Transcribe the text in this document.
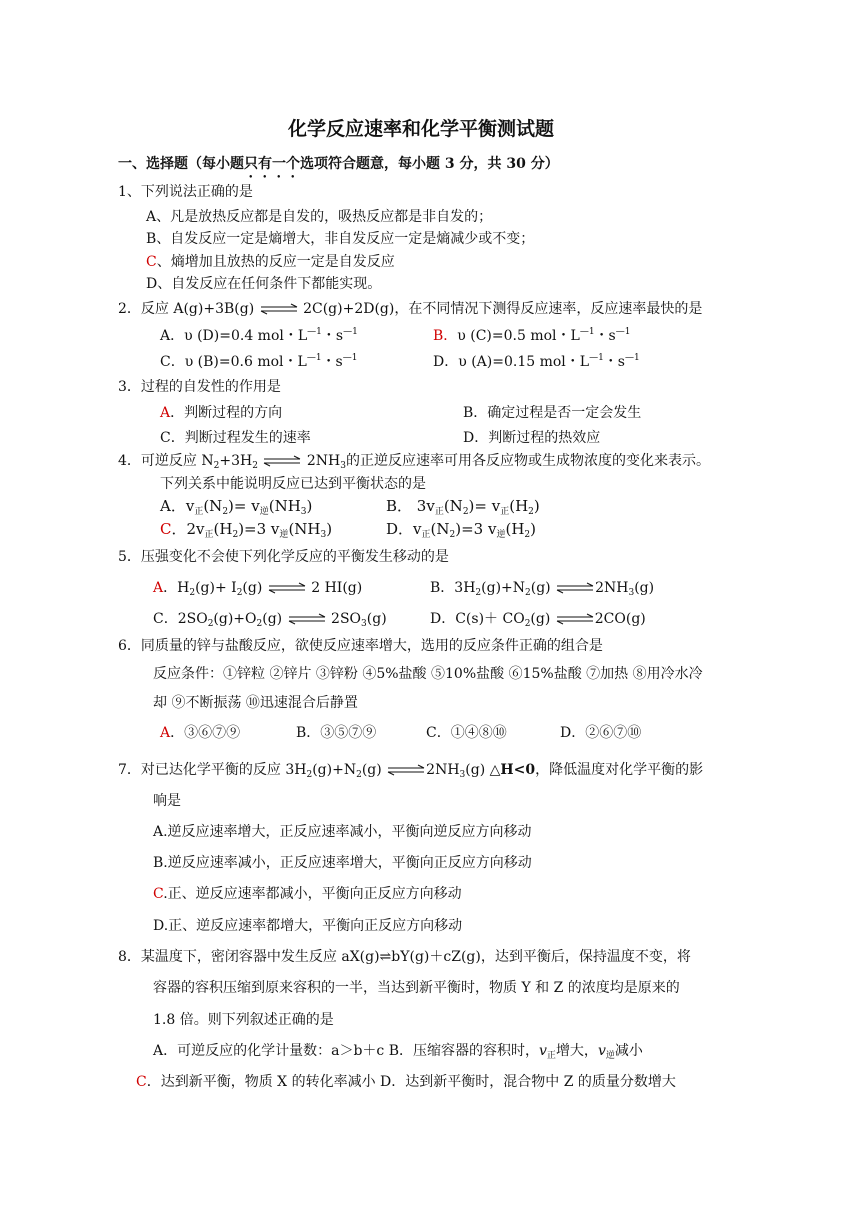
化学反应速率和化学平衡测试题
一、选择题（每小题只有一个选项符合题意，每小题 3 分，共 30 分）
1、下列说法正确的是
A、凡是放热反应都是自发的，吸热反应都是非自发的；
B、自发反应一定是熵增大，非自发反应一定是熵减少或不变；
C、熵增加且放热的反应一定是自发反应
D、自发反应在任何条件下都能实现。
2．反应 A(g)+3B(g)	2C(g)+2D(g)，在不同情况下测得反应速率，反应速率最快的是
A．υ (D)=0.4 mol・$L^{—1}$・$s^{—1}$	B．υ (C)=0.5 mol・$L^{—1}$・$s^{—1}$
C．υ (B)=0.6 mol・$L^{—1}$・$s^{—1}$	D．υ (A)=0.15 mol・$L^{—1}$・$s^{—1}$
3．过程的自发性的作用是
A．判断过程的方向	B．确定过程是否一定会发生
C．判断过程发生的速率	D．判断过程的热效应
4．可逆反应 $N_2+3H_2$	$2NH_3$的正逆反应速率可用各反应物或生成物浓度的变化来表示。
下列关系中能说明反应已达到平衡状态的是
A．$v_正(N_2)= v_逆(NH_3)$	B． $3v_正(N_2)= v_正(H_2)$
C．$2v_正(H_2)=3$ $v_逆(NH_3)$	D．$v_正(N_2)=3$ $v_逆(H_2)$
5．压强变化不会使下列化学反应的平衡发生移动的是
A．$H_2(g)+ I_2(g)$	2 HI(g)	B．$3H_2(g)+N_2(g)$	$2NH_3(g)$
C．$2SO_2(g)+O_2(g)$	$2SO_3(g)$	D．$C(s)+ CO_2(g)$	2CO(g)
6．同质量的锌与盐酸反应，欲使反应速率增大，选用的反应条件正确的组合是
反应条件：①锌粒 ②锌片 ③锌粉 ④5%盐酸 ⑤10%盐酸 ⑥15%盐酸 ⑦加热 ⑧用冷水冷
却 ⑨不断振荡 ⑩迅速混合后静置
A．③⑥⑦⑨	B．③⑤⑦⑨	C．①④⑧⑩	D．②⑥⑦⑩
7．对已达化学平衡的反应 $3H_2(g)+N_2(g)$	$2NH_3(g)$ △H<0，降低温度对化学平衡的影
响是
A.逆反应速率增大，正反应速率减小，平衡向逆反应方向移动
B.逆反应速率减小，正反应速率增大，平衡向正反应方向移动
C.正、逆反应速率都减小，平衡向正反应方向移动
D.正、逆反应速率都增大，平衡向正反应方向移动
8．某温度下，密闭容器中发生反应 aX(g)⇌bY(g)＋cZ(g)，达到平衡后，保持温度不变，将
容器的容积压缩到原来容积的一半，当达到新平衡时，物质 Y 和 Z 的浓度均是原来的
1.8 倍。则下列叙述正确的是
A．可逆反应的化学计量数：a＞b＋c B．压缩容器的容积时，$v_正$增大，$v_逆$减小
C．达到新平衡，物质 X 的转化率减小 D．达到新平衡时，混合物中 Z 的质量分数增大
